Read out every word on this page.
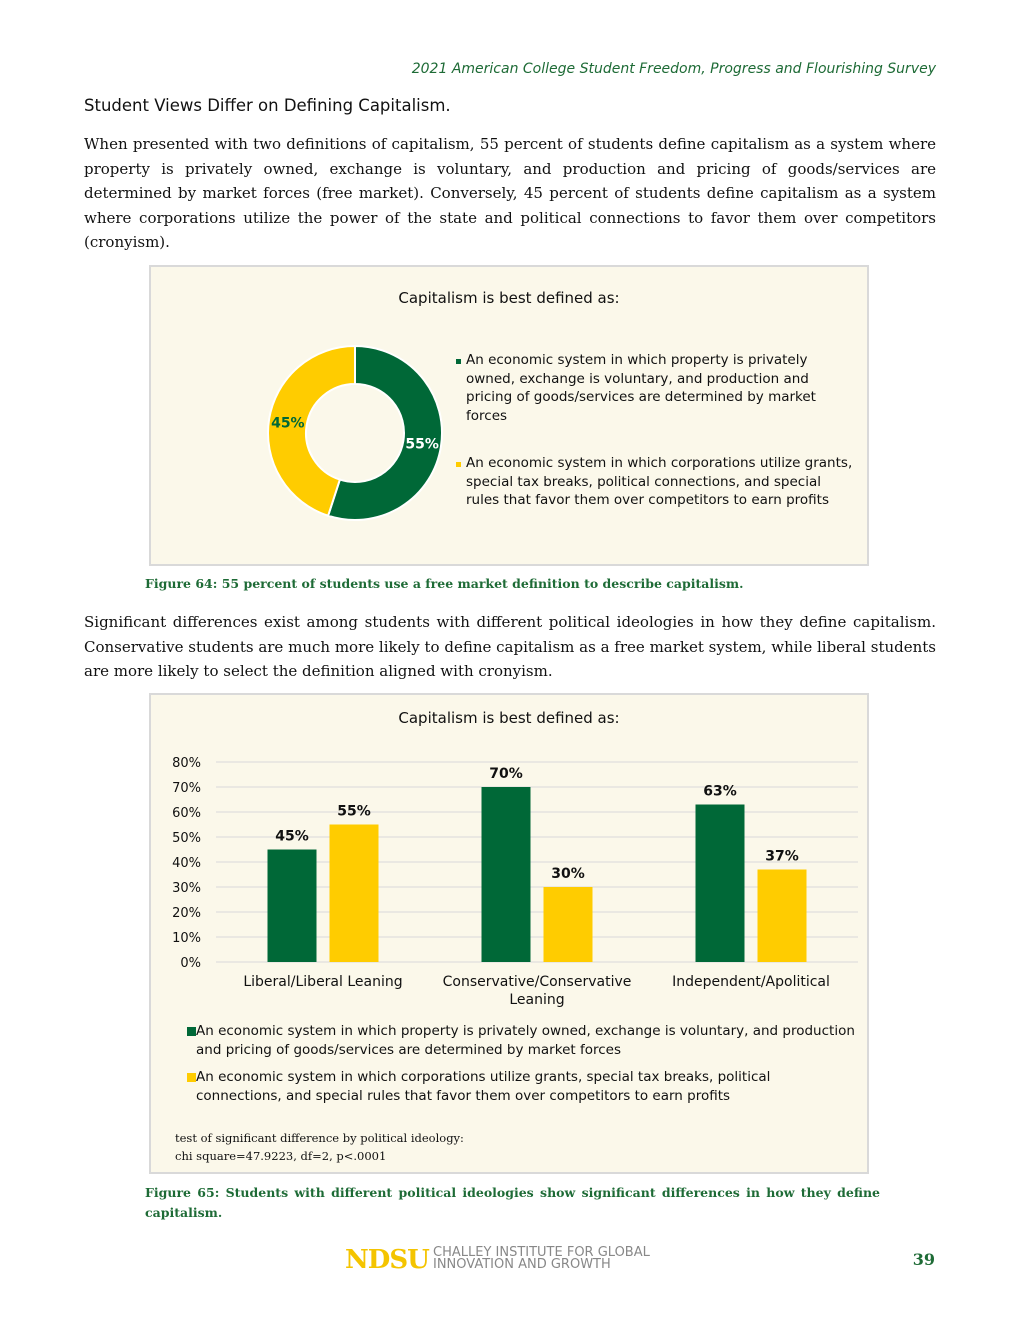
2021 American College Student Freedom, Progress and Flourishing Survey
Student Views Differ on Defining Capitalism.
When presented with two definitions of capitalism, 55 percent of students define capitalism as a system where property is privately owned, exchange is voluntary, and production and pricing of goods/services are determined by market forces (free market). Conversely, 45 percent of students define capitalism as a system where corporations utilize the power of the state and political connections to favor them over competitors (cronyism).
Capitalism is best defined as:
55%
45%
An economic system in which property is privately owned, exchange is voluntary, and production and pricing of goods/services are determined by market forces
An economic system in which corporations utilize grants, special tax breaks, political connections, and special rules that favor them over competitors to earn profits
Figure 64: 55 percent of students use a free market definition to describe capitalism.
Significant differences exist among students with different political ideologies in how they define capitalism. Conservative students are much more likely to define capitalism as a free market system, while liberal students are more likely to select the definition aligned with cronyism.
Capitalism is best defined as:
0%
10%
20%
30%
40%
50%
60%
70%
80%
45%
55%
Liberal/Liberal Leaning
70%
30%
Conservative/Conservative
Leaning
63%
37%
Independent/Apolitical
An economic system in which property is privately owned, exchange is voluntary, and production and pricing of goods/services are determined by market forces
An economic system in which corporations utilize grants, special tax breaks, political connections, and special rules that favor them over competitors to earn profits
test of significant difference by political ideology:
chi square=47.9223, df=2, p<.0001
Figure 65: Students with different political ideologies show significant differences in how they define capitalism.
NDSU CHALLEY INSTITUTE FOR GLOBAL
INNOVATION AND GROWTH	39
